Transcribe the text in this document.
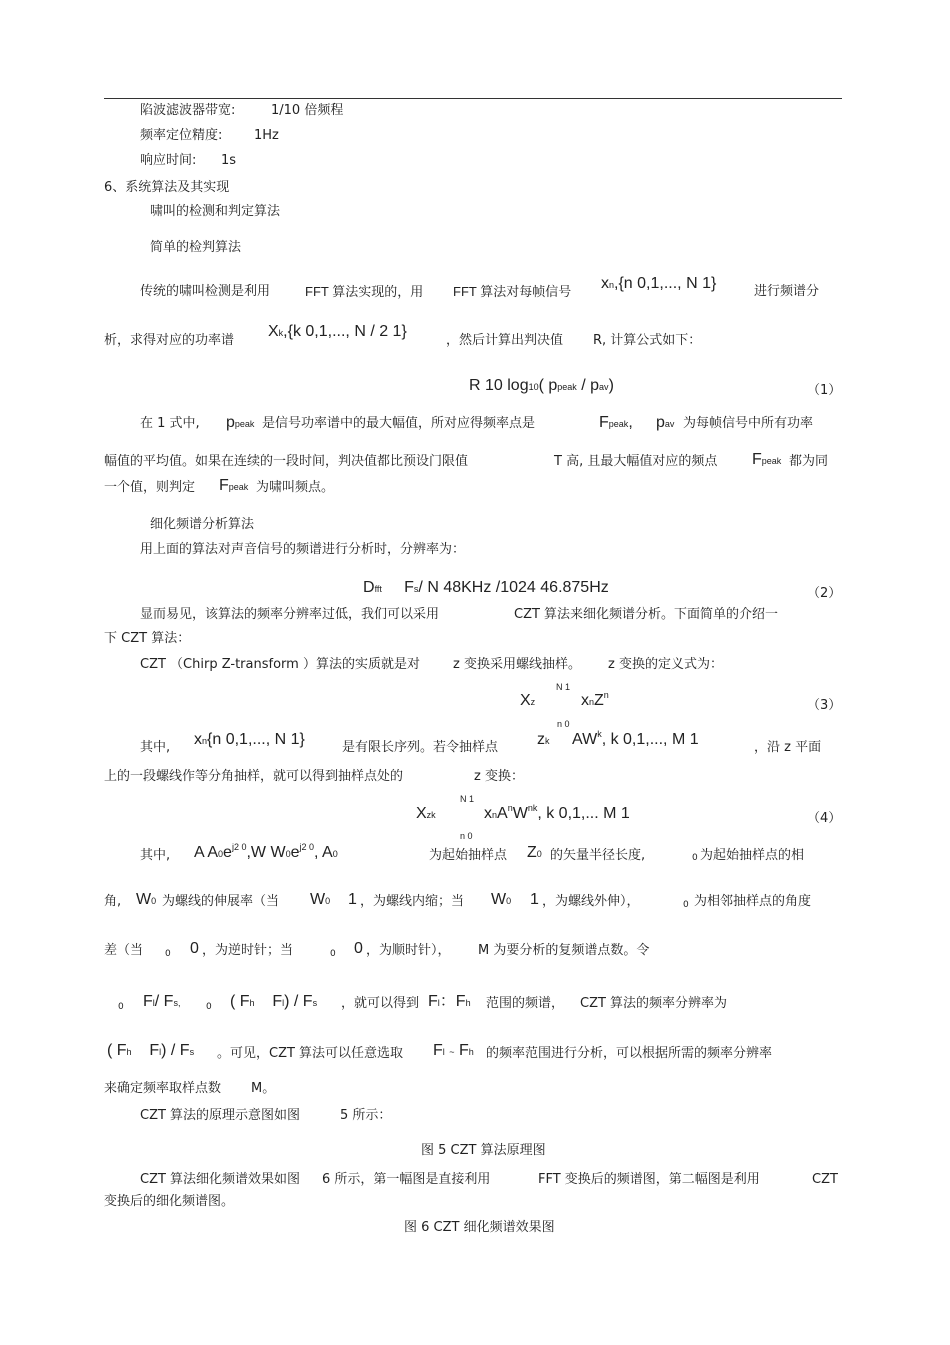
陷波滤波器带宽:	1/10 倍频程
频率定位精度: 1Hz
响应时间: 1s
6、系统算法及其实现
啸叫的检测和判定算法
简单的检判算法
传统的啸叫检测是利用	FFT 算法实现的，用 FFT 算法对每帧信号 xn,{n 0,1,..., N 1}	进行频谱分
析，求得对应的功率谱
Xk,{k 0,1,..., N / 2 1}
，然后计算出判决值 R, 计算公式如下：
R 10 log10( ppeak / pav)	（1）
在 1 式中, ppeak 是信号功率谱中的最大幅值，所对应得频率点是	Fpeak, pav 为每帧信号中所有功率
幅值的平均值。如果在连续的一段时间，判决值都比预设门限值	T 高, 且最大幅值对应的频点 Fpeak 都为同
一个值，则判定 Fpeak 为啸叫频点。
细化频谱分析算法
用上面的算法对声音信号的频谱进行分析时，分辨率为：
Dfft Fs/ N 48KHz /1024 46.875Hz	（2）
显而易见，该算法的频率分辨率过低，我们可以采用	CZT 算法来细化频谱分析。下面简单的介绍一
下 CZT 算法：
CZT （Chirp Z-transform ）算法的实质就是对	z 变换采用螺线抽样。 z 变换的定义式为：
N 1
Xz	xnZ$^n$
n 0
（3）
其中, xn{n 0,1,..., N 1}	是有限长序列。若令抽样点 zk $AW^k$, k 0,1,..., M 1	，沿 z 平面
上的一段螺线作等分角抽样，就可以得到抽样点处的	z 变换：
N 1
Xzk	$xnA^nW^{nk}$, k 0,1,... M 1
n 0
（4）
其中, A $A0e^{j2 0},W$ $W0e^{j2 0}$, A0	为起始抽样点 Z0 的矢量半径长度,	0 为起始抽样点的相
角, W0 为螺线的伸展率（当 W0 1 ，为螺线内缩；当 W0 1 ，为螺线外伸），	0 为相邻抽样点的角度
差（当 0 0 ，为逆时针；当	0 0 ，为顺时针）， M 为要分析的复频谱点数。令
0 Fl/ Fs,	0 ( Fh Fl) / Fs ，就可以得到 Fl：Fh 范围的频谱， CZT 算法的频率分辨率为
( Fh Fl) / Fs 。可见， CZT 算法可以任意选取 Fl ~ Fh 的频率范围进行分析，可以根据所需的频率分辨率
来确定频率取样点数 M。
CZT 算法的原理示意图如图	5 所示：
图 5 CZT 算法原理图
CZT 算法细化频谱效果如图 6 所示，第一幅图是直接利用	FFT 变换后的频谱图，第二幅图是利用	CZT
变换后的细化频谱图。
图 6 CZT 细化频谱效果图
